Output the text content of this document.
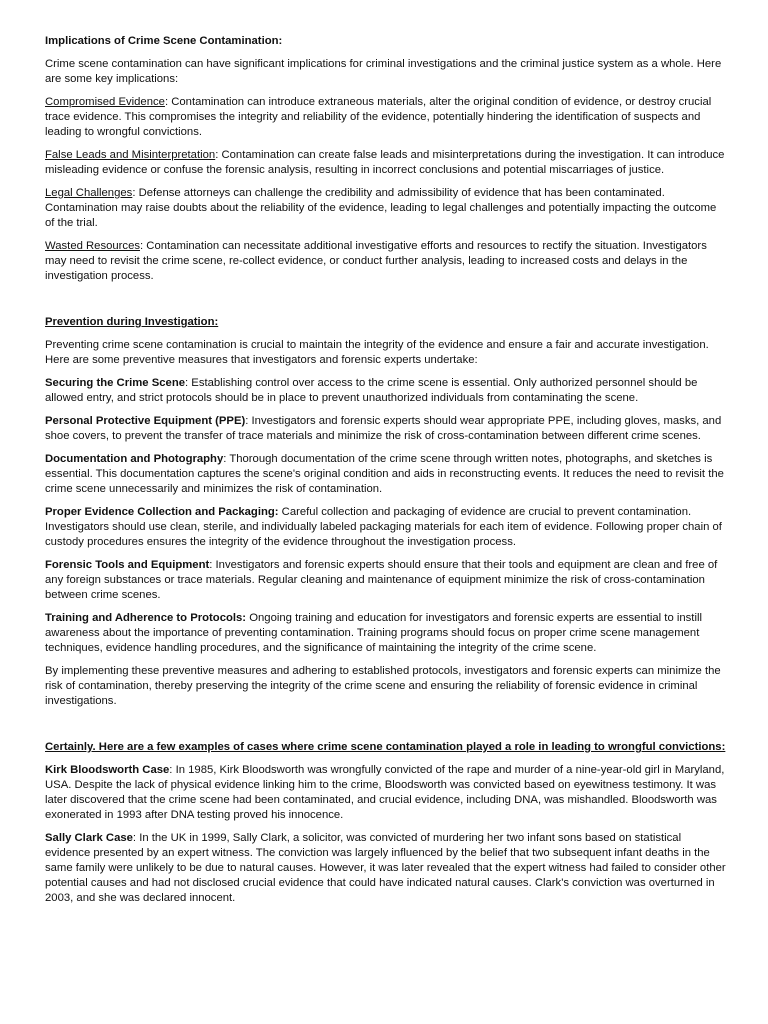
Implications of Crime Scene Contamination:

Crime scene contamination can have significant implications for criminal investigations and the criminal justice system as a whole. Here are some key implications:

Compromised Evidence: Contamination can introduce extraneous materials, alter the original condition of evidence, or destroy crucial trace evidence. This compromises the integrity and reliability of the evidence, potentially hindering the identification of suspects and leading to wrongful convictions.

False Leads and Misinterpretation: Contamination can create false leads and misinterpretations during the investigation. It can introduce misleading evidence or confuse the forensic analysis, resulting in incorrect conclusions and potential miscarriages of justice.

Legal Challenges: Defense attorneys can challenge the credibility and admissibility of evidence that has been contaminated. Contamination may raise doubts about the reliability of the evidence, leading to legal challenges and potentially impacting the outcome of the trial.

Wasted Resources: Contamination can necessitate additional investigative efforts and resources to rectify the situation. Investigators may need to revisit the crime scene, re-collect evidence, or conduct further analysis, leading to increased costs and delays in the investigation process.

Prevention during Investigation:

Preventing crime scene contamination is crucial to maintain the integrity of the evidence and ensure a fair and accurate investigation. Here are some preventive measures that investigators and forensic experts undertake:

Securing the Crime Scene: Establishing control over access to the crime scene is essential. Only authorized personnel should be allowed entry, and strict protocols should be in place to prevent unauthorized individuals from contaminating the scene.

Personal Protective Equipment (PPE): Investigators and forensic experts should wear appropriate PPE, including gloves, masks, and shoe covers, to prevent the transfer of trace materials and minimize the risk of cross-contamination between different crime scenes.

Documentation and Photography: Thorough documentation of the crime scene through written notes, photographs, and sketches is essential. This documentation captures the scene's original condition and aids in reconstructing events. It reduces the need to revisit the crime scene unnecessarily and minimizes the risk of contamination.

Proper Evidence Collection and Packaging: Careful collection and packaging of evidence are crucial to prevent contamination. Investigators should use clean, sterile, and individually labeled packaging materials for each item of evidence. Following proper chain of custody procedures ensures the integrity of the evidence throughout the investigation process.

Forensic Tools and Equipment: Investigators and forensic experts should ensure that their tools and equipment are clean and free of any foreign substances or trace materials. Regular cleaning and maintenance of equipment minimize the risk of cross-contamination between crime scenes.

Training and Adherence to Protocols: Ongoing training and education for investigators and forensic experts are essential to instill awareness about the importance of preventing contamination. Training programs should focus on proper crime scene management techniques, evidence handling procedures, and the significance of maintaining the integrity of the crime scene.

By implementing these preventive measures and adhering to established protocols, investigators and forensic experts can minimize the risk of contamination, thereby preserving the integrity of the crime scene and ensuring the reliability of forensic evidence in criminal investigations.

Certainly. Here are a few examples of cases where crime scene contamination played a role in leading to wrongful convictions:

Kirk Bloodsworth Case: In 1985, Kirk Bloodsworth was wrongfully convicted of the rape and murder of a nine-year-old girl in Maryland, USA. Despite the lack of physical evidence linking him to the crime, Bloodsworth was convicted based on eyewitness testimony. It was later discovered that the crime scene had been contaminated, and crucial evidence, including DNA, was mishandled. Bloodsworth was exonerated in 1993 after DNA testing proved his innocence.

Sally Clark Case: In the UK in 1999, Sally Clark, a solicitor, was convicted of murdering her two infant sons based on statistical evidence presented by an expert witness. The conviction was largely influenced by the belief that two subsequent infant deaths in the same family were unlikely to be due to natural causes. However, it was later revealed that the expert witness had failed to consider other potential causes and had not disclosed crucial evidence that could have indicated natural causes. Clark's conviction was overturned in 2003, and she was declared innocent.
